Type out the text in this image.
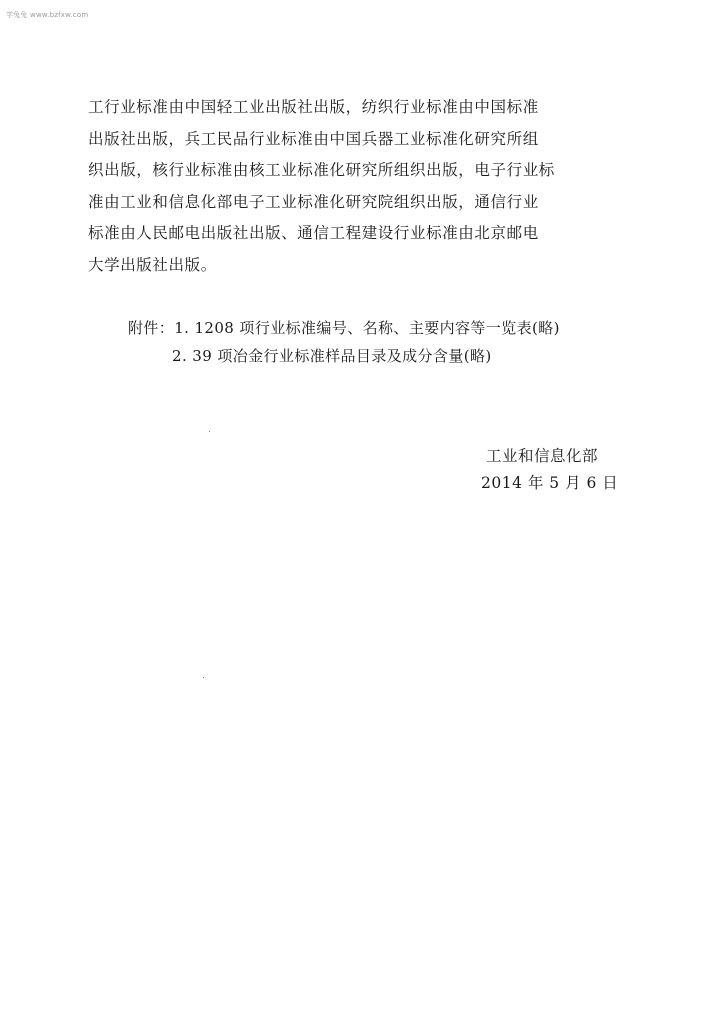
学兔兔 www.bzfxw.com
工行业标准由中国轻工业出版社出版，纺织行业标准由中国标准
出版社出版，兵工民品行业标准由中国兵器工业标准化研究所组
织出版，核行业标准由核工业标准化研究所组织出版，电子行业标
准由工业和信息化部电子工业标准化研究院组织出版，通信行业
标准由人民邮电出版社出版、通信工程建设行业标准由北京邮电
大学出版社出版。
附件：1. 1208 项行业标准编号、名称、主要内容等一览表(略)
2. 39 项冶金行业标准样品目录及成分含量(略)
工业和信息化部
2014 年 5 月 6 日
